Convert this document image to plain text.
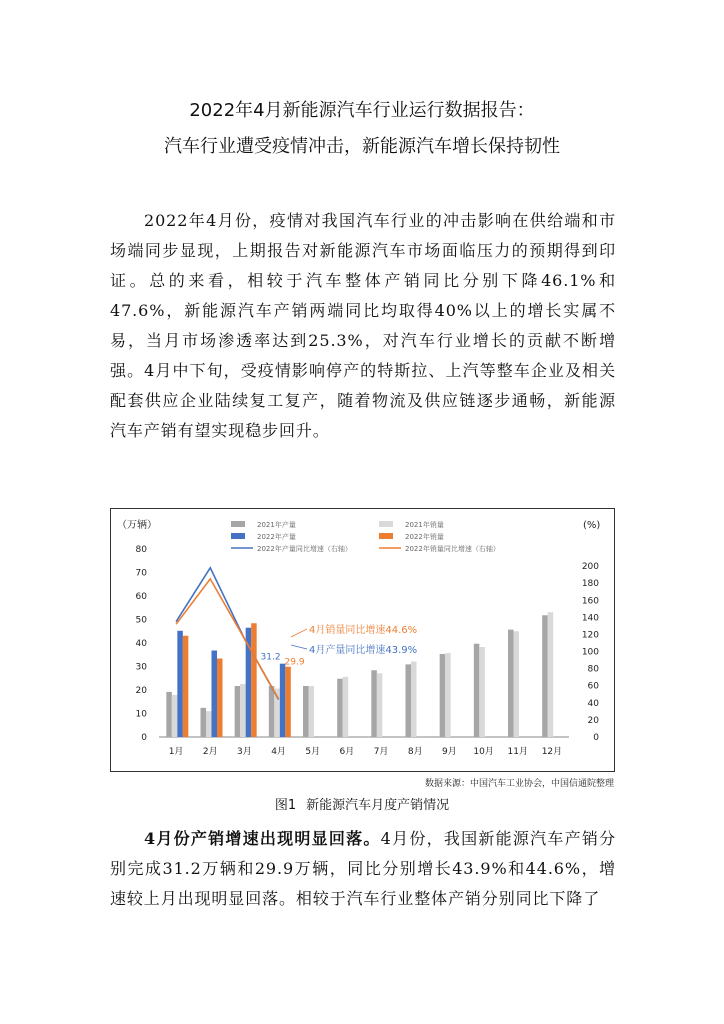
2022年4月新能源汽车行业运行数据报告：
汽车行业遭受疫情冲击，新能源汽车增长保持韧性

2022年4月份，疫情对我国汽车行业的冲击影响在供给端和市场端同步显现，上期报告对新能源汽车市场面临压力的预期得到印证。总的来看，相较于汽车整体产销同比分别下降46.1%和47.6%，新能源汽车产销两端同比均取得40%以上的增长实属不易，当月市场渗透率达到25.3%，对汽车行业增长的贡献不断增强。4月中下旬，受疫情影响停产的特斯拉、上汽等整车企业及相关配套供应企业陆续复工复产，随着物流及供应链逐步通畅，新能源汽车产销有望实现稳步回升。

（万辆）	(%)
0
10
20
30
40
50
60
70
80
0
20
40
60
80
100
120
140
160
180
200
1月 2月 3月 4月 5月 6月 7月 8月 9月 10月 11月 12月
31.2
29.9
4月销量同比增速44.6%
4月产量同比增速43.9%
2021年产量	2021年销量
2022年产量	2022年销量
2022年产量同比增速（右轴）	2022年销量同比增速（右轴）
数据来源：中国汽车工业协会，中国信通院整理
图1 新能源汽车月度产销情况

4月份产销增速出现明显回落。4月份，我国新能源汽车产销分别完成31.2万辆和29.9万辆，同比分别增长43.9%和44.6%，增速较上月出现明显回落。相较于汽车行业整体产销分别同比下降了
